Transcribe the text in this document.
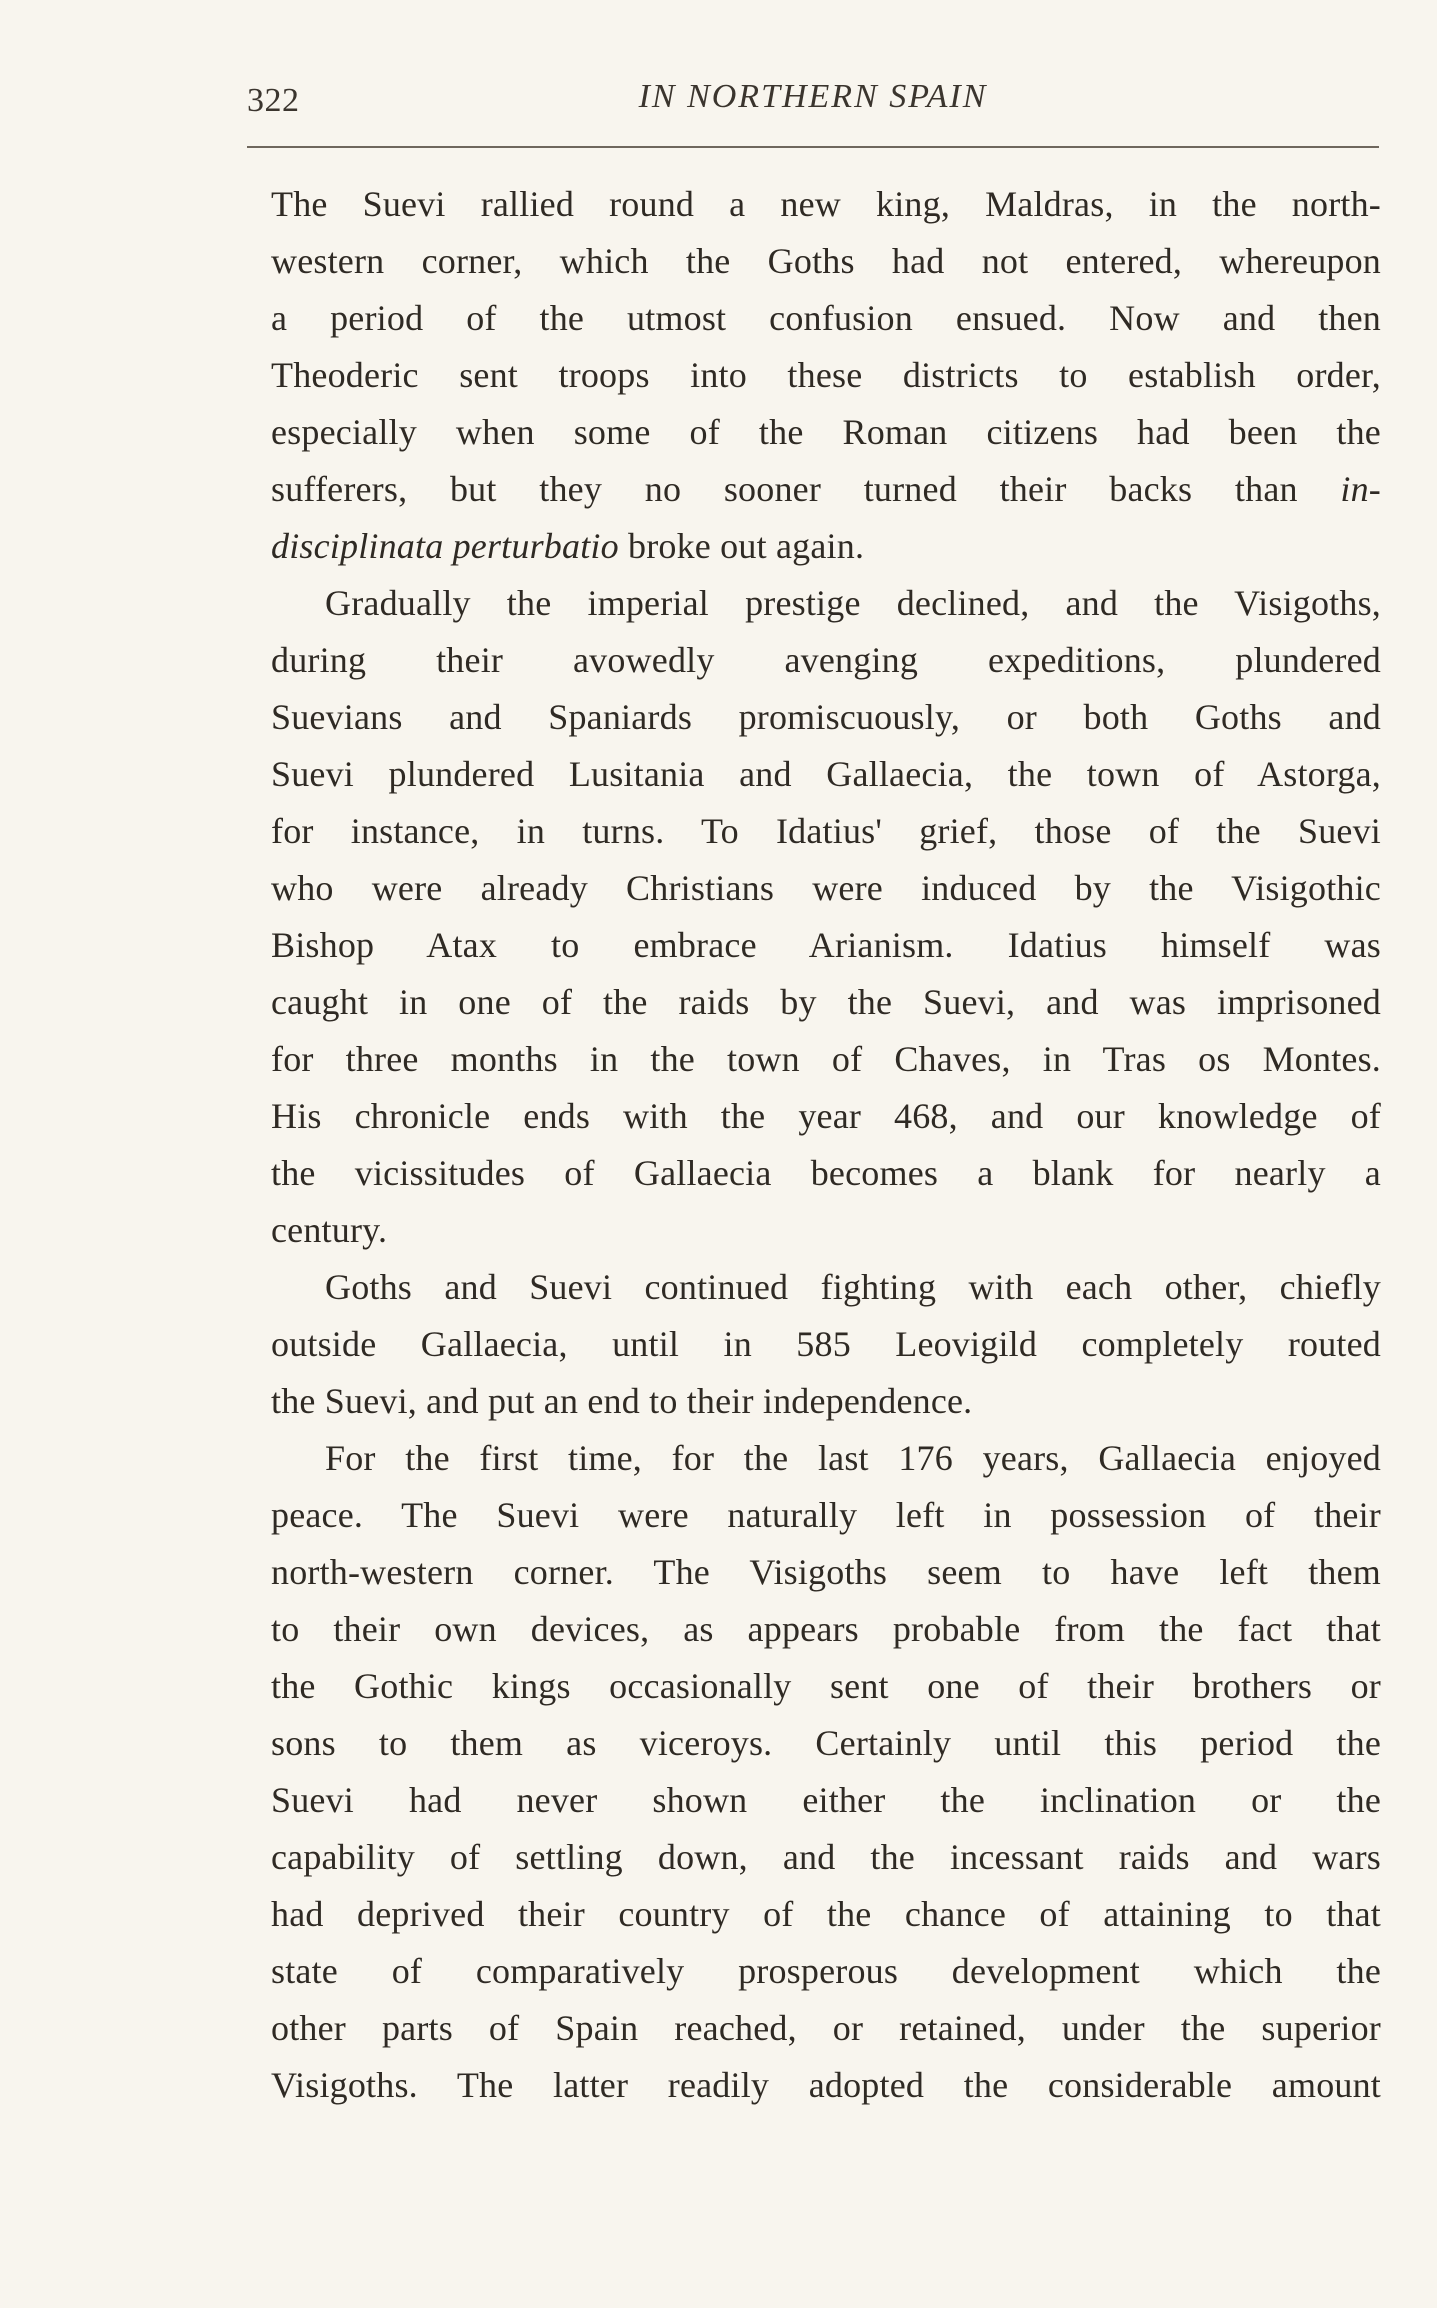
322	IN NORTHERN SPAIN
The Suevi rallied round a new king, Maldras, in the north-
western corner, which the Goths had not entered, whereupon
a period of the utmost confusion ensued. Now and then
Theoderic sent troops into these districts to establish order,
especially when some of the Roman citizens had been the
sufferers, but they no sooner turned their backs than in-
disciplinata perturbatio broke out again.
Gradually the imperial prestige declined, and the Visigoths,
during their avowedly avenging expeditions, plundered
Suevians and Spaniards promiscuously, or both Goths and
Suevi plundered Lusitania and Gallaecia, the town of Astorga,
for instance, in turns. To Idatius' grief, those of the Suevi
who were already Christians were induced by the Visigothic
Bishop Atax to embrace Arianism. Idatius himself was
caught in one of the raids by the Suevi, and was imprisoned
for three months in the town of Chaves, in Tras os Montes.
His chronicle ends with the year 468, and our knowledge of
the vicissitudes of Gallaecia becomes a blank for nearly a
century.
Goths and Suevi continued fighting with each other, chiefly
outside Gallaecia, until in 585 Leovigild completely routed
the Suevi, and put an end to their independence.
For the first time, for the last 176 years, Gallaecia enjoyed
peace. The Suevi were naturally left in possession of their
north-western corner. The Visigoths seem to have left them
to their own devices, as appears probable from the fact that
the Gothic kings occasionally sent one of their brothers or
sons to them as viceroys. Certainly until this period the
Suevi had never shown either the inclination or the
capability of settling down, and the incessant raids and wars
had deprived their country of the chance of attaining to that
state of comparatively prosperous development which the
other parts of Spain reached, or retained, under the superior
Visigoths. The latter readily adopted the considerable amount
